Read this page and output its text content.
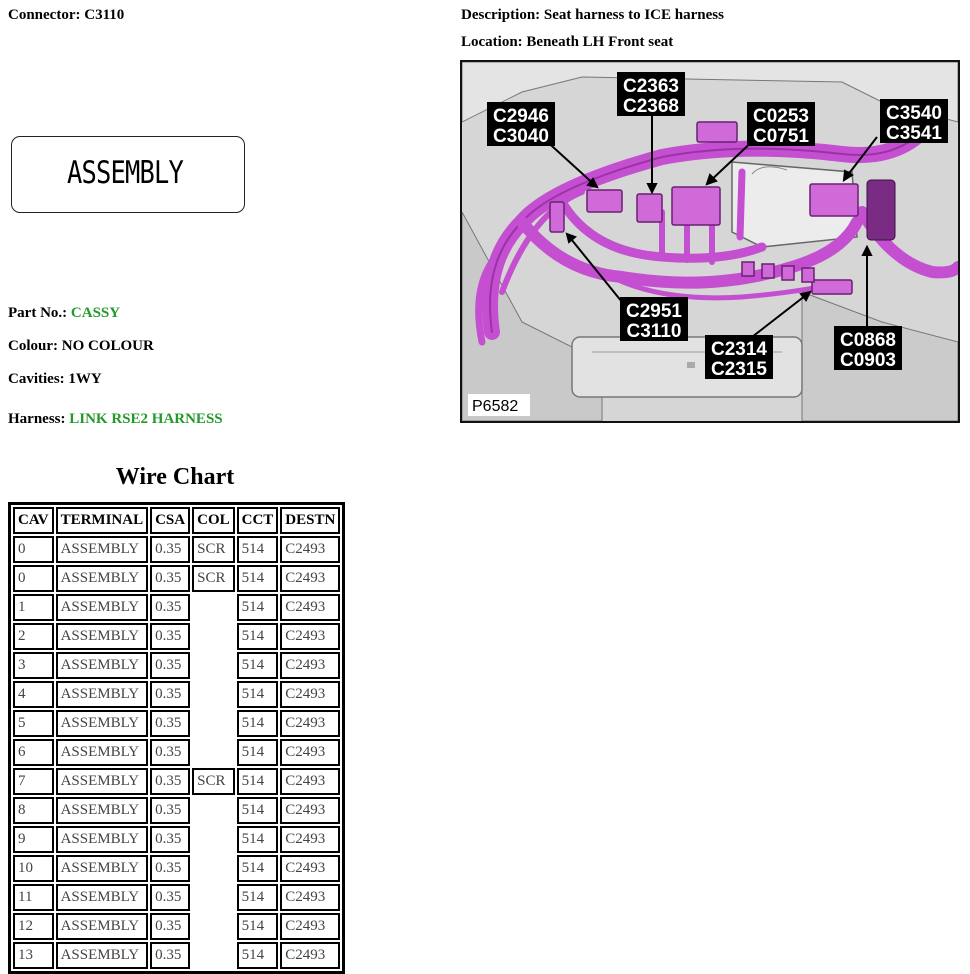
Connector: C3110
ASSEMBLY
Part No.: CASSY
Colour: NO COLOUR
Cavities: 1WY
Harness: LINK RSE2 HARNESS
Description: Seat harness to ICE harness
Location: Beneath LH Front seat
C2946
C3040
C2363
C2368	C0253
C0751
C3540
C3541
C2951
C3110
C2314
C2315
C0868
C0903
P6582
Wire Chart
CAV	TERMINAL	CSA	COL	CCT	DESTN
0	ASSEMBLY	0.35	SCR	514	C2493
0	ASSEMBLY	0.35	SCR	514	C2493
1	ASSEMBLY	0.35		514	C2493
2	ASSEMBLY	0.35		514	C2493
3	ASSEMBLY	0.35		514	C2493
4	ASSEMBLY	0.35		514	C2493
5	ASSEMBLY	0.35		514	C2493
6	ASSEMBLY	0.35		514	C2493
7	ASSEMBLY	0.35	SCR	514	C2493
8	ASSEMBLY	0.35		514	C2493
9	ASSEMBLY	0.35		514	C2493
10	ASSEMBLY	0.35		514	C2493
11	ASSEMBLY	0.35		514	C2493
12	ASSEMBLY	0.35		514	C2493
13	ASSEMBLY	0.35		514	C2493
